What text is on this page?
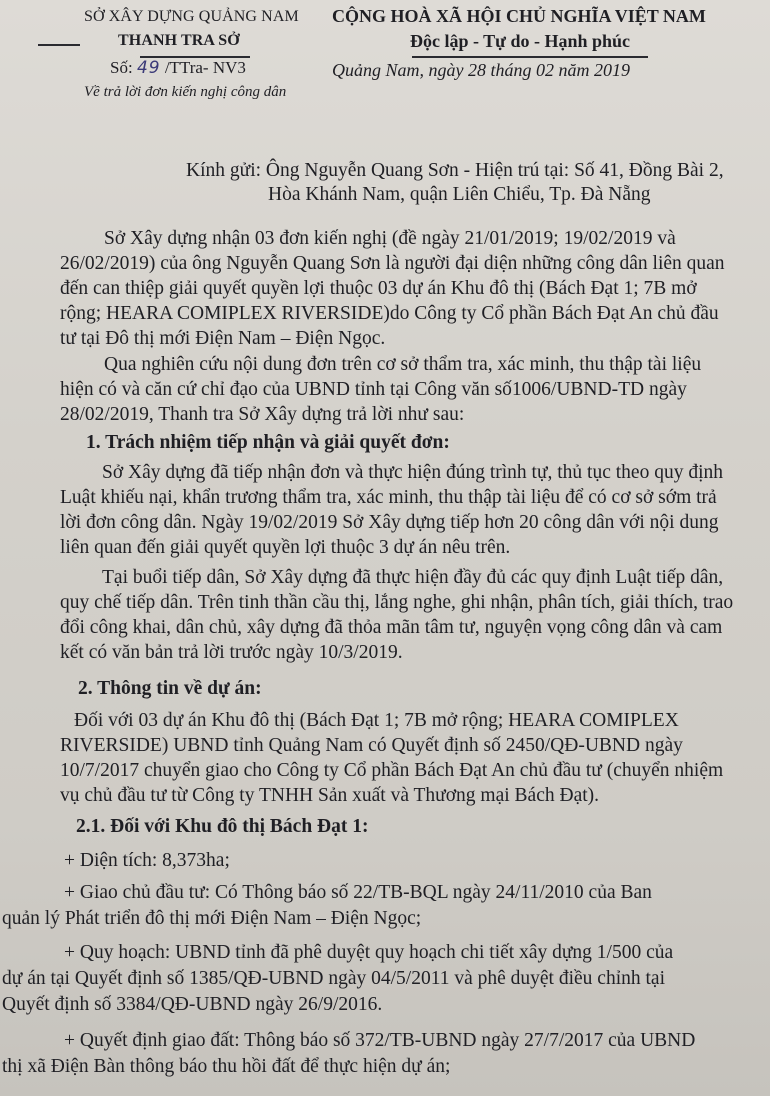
SỞ XÂY DỰNG QUẢNG NAM
THANH TRA SỞ
Số: 49 /TTra- NV3
Về trả lời đơn kiến nghị công dân
CỘNG HOÀ XÃ HỘI CHỦ NGHĨA VIỆT NAM
Độc lập - Tự do - Hạnh phúc
Quảng Nam, ngày 28 tháng 02 năm 2019
Kính gửi: Ông Nguyễn Quang Sơn - Hiện trú tại: Số 41, Đồng Bài 2,
Hòa Khánh Nam, quận Liên Chiểu, Tp. Đà Nẵng
Sở Xây dựng nhận 03 đơn kiến nghị (đề ngày 21/01/2019; 19/02/2019 và
26/02/2019) của ông Nguyễn Quang Sơn là người đại diện những công dân liên quan
đến can thiệp giải quyết quyền lợi thuộc 03 dự án Khu đô thị (Bách Đạt 1; 7B mở
rộng; HEARA COMIPLEX RIVERSIDE)do Công ty Cổ phần Bách Đạt An chủ đầu
tư tại Đô thị mới Điện Nam – Điện Ngọc.
Qua nghiên cứu nội dung đơn trên cơ sở thẩm tra, xác minh, thu thập tài liệu
hiện có và căn cứ chỉ đạo của UBND tỉnh tại Công văn số1006/UBND-TD ngày
28/02/2019, Thanh tra Sở Xây dựng trả lời như sau:
1. Trách nhiệm tiếp nhận và giải quyết đơn:
Sở Xây dựng đã tiếp nhận đơn và thực hiện đúng trình tự, thủ tục theo quy định
Luật khiếu nại, khẩn trương thẩm tra, xác minh, thu thập tài liệu để có cơ sở sớm trả
lời đơn công dân. Ngày 19/02/2019 Sở Xây dựng tiếp hơn 20 công dân với nội dung
liên quan đến giải quyết quyền lợi thuộc 3 dự án nêu trên.
Tại buổi tiếp dân, Sở Xây dựng đã thực hiện đầy đủ các quy định Luật tiếp dân,
quy chế tiếp dân. Trên tinh thần cầu thị, lắng nghe, ghi nhận, phân tích, giải thích, trao
đổi công khai, dân chủ, xây dựng đã thỏa mãn tâm tư, nguyện vọng công dân và cam
kết có văn bản trả lời trước ngày 10/3/2019.
2. Thông tin về dự án:
Đối với 03 dự án Khu đô thị (Bách Đạt 1; 7B mở rộng; HEARA COMIPLEX
RIVERSIDE) UBND tỉnh Quảng Nam có Quyết định số 2450/QĐ-UBND ngày
10/7/2017 chuyển giao cho Công ty Cổ phần Bách Đạt An chủ đầu tư (chuyển nhiệm
vụ chủ đầu tư từ Công ty TNHH Sản xuất và Thương mại Bách Đạt).
2.1. Đối với Khu đô thị Bách Đạt 1:
+ Diện tích: 8,373ha;
+ Giao chủ đầu tư: Có Thông báo số 22/TB-BQL ngày 24/11/2010 của Ban
quản lý Phát triển đô thị mới Điện Nam – Điện Ngọc;
+ Quy hoạch: UBND tỉnh đã phê duyệt quy hoạch chi tiết xây dựng 1/500 của
dự án tại Quyết định số 1385/QĐ-UBND ngày 04/5/2011 và phê duyệt điều chỉnh tại
Quyết định số 3384/QĐ-UBND ngày 26/9/2016.
+ Quyết định giao đất: Thông báo số 372/TB-UBND ngày 27/7/2017 của UBND
thị xã Điện Bàn thông báo thu hồi đất để thực hiện dự án;
